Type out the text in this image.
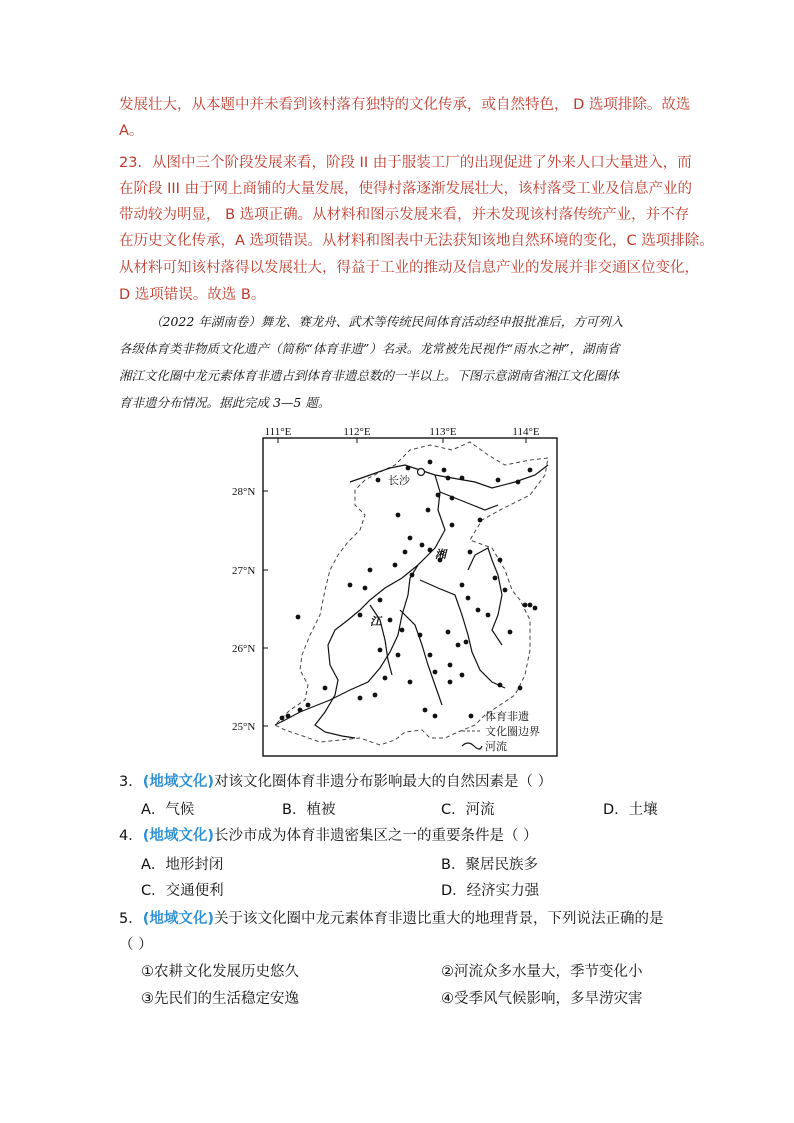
发展壮大，从本题中并未看到该村落有独特的文化传承，或自然特色， D 选项排除。故选
A。
23．从图中三个阶段发展来看，阶段 II 由于服装工厂的出现促进了外来人口大量进入，而
在阶段 III 由于网上商铺的大量发展，使得村落逐渐发展壮大，该村落受工业及信息产业的
带动较为明显， B 选项正确。从材料和图示发展来看，并未发现该村落传统产业，并不存
在历史文化传承，A 选项错误。从材料和图表中无法获知该地自然环境的变化，C 选项排除。
从材料可知该村落得以发展壮大，得益于工业的推动及信息产业的发展并非交通区位变化，
D 选项错误。故选 B。
（2022 年湖南卷）舞龙、赛龙舟、武术等传统民间体育活动经申报批准后，方可列入
各级体育类非物质文化遗产（简称“体育非遗”）名录。龙常被先民视作“雨水之神”，湖南省
湘江文化圈中龙元素体育非遗占到体育非遗总数的一半以上。下图示意湖南省湘江文化圈体
育非遗分布情况。据此完成 3—5 题。
111°E	112°E	113°E	114°E
28°N
27°N
26°N
25°N
长沙
湘
江
体育非遗
文化圈边界
河流
3．(地域文化)对该文化圈体育非遗分布影响最大的自然因素是（ ）
A．气候	B．植被	C．河流	D．土壤
4．(地域文化)长沙市成为体育非遗密集区之一的重要条件是（ ）
A．地形封闭	B．聚居民族多
C．交通便利	D．经济实力强
5．(地域文化)关于该文化圈中龙元素体育非遗比重大的地理背景，下列说法正确的是
（ ）
①农耕文化发展历史悠久	②河流众多水量大，季节变化小
③先民们的生活稳定安逸	④受季风气候影响，多旱涝灾害
